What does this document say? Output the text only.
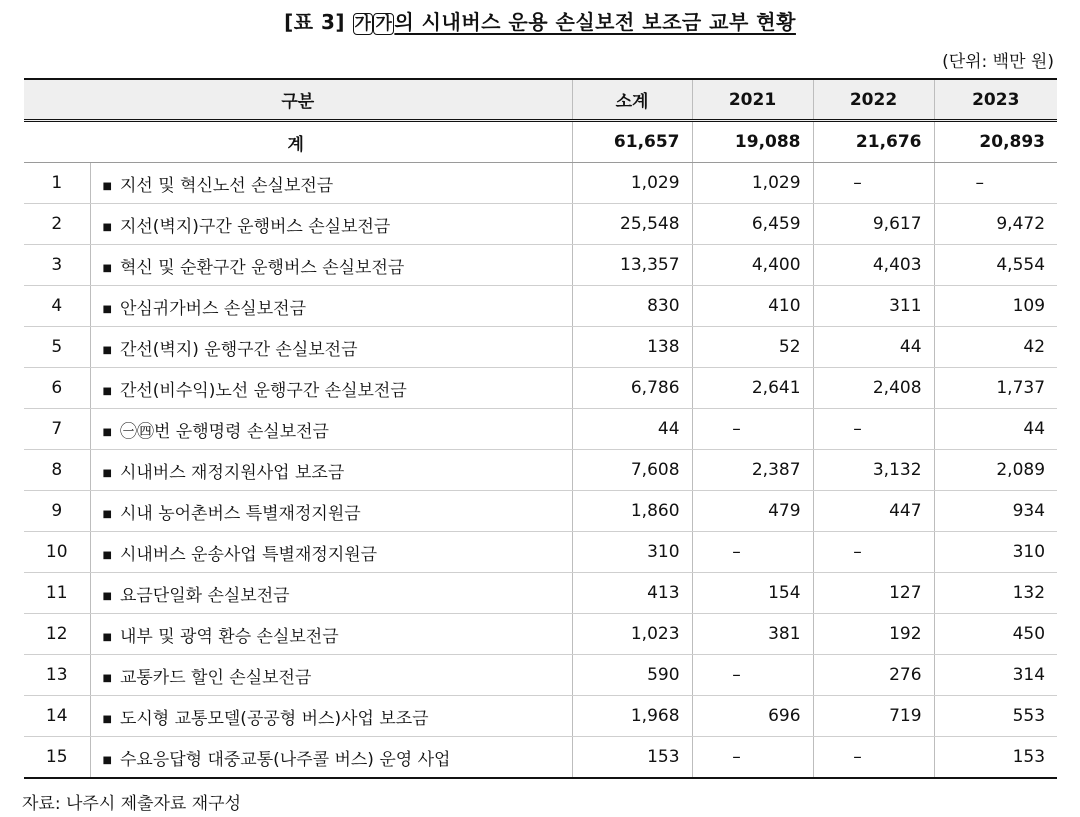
[표 3] 가 가 의 시내버스 운용 손실보전 보조금 교부 현황
(단위: 백만 원)
구분		소계	2021	2022	2023
계		61,657	19,088	21,676	20,893
1	■ 지선 및 혁신노선 손실보전금	1,029	1,029	–	–
2	■ 지선(벽지)구간 운행버스 손실보전금	25,548	6,459	9,617	9,472
3	■ 혁신 및 순환구간 운행버스 손실보전금	13,357	4,400	4,403	4,554
4	■ 안심귀가버스 손실보전금	830	410	311	109
5	■ 간선(벽지) 운행구간 손실보전금	138	52	44	42
6	■ 간선(비수익)노선 운행구간 손실보전금	6,786	2,641	2,408	1,737
7	■ ㊀㊃번 운행명령 손실보전금	44	–	–	44
8	■ 시내버스 재정지원사업 보조금	7,608	2,387	3,132	2,089
9	■ 시내 농어촌버스 특별재정지원금	1,860	479	447	934
10	■ 시내버스 운송사업 특별재정지원금	310	–	–	310
11	■ 요금단일화 손실보전금	413	154	127	132
12	■ 내부 및 광역 환승 손실보전금	1,023	381	192	450
13	■ 교통카드 할인 손실보전금	590	–	276	314
14	■ 도시형 교통모델(공공형 버스)사업 보조금	1,968	696	719	553
15	■ 수요응답형 대중교통(나주콜 버스) 운영 사업	153	–	–	153
자료: 나주시 제출자료 재구성
